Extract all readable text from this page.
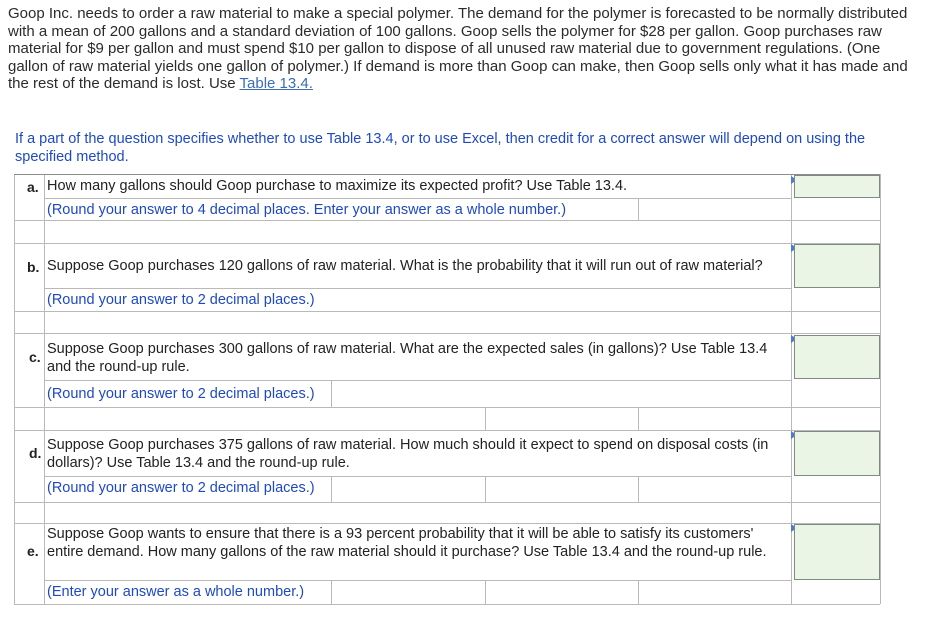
Goop Inc. needs to order a raw material to make a special polymer. The demand for the polymer is forecasted to be normally distributed with a mean of 200 gallons and a standard deviation of 100 gallons. Goop sells the polymer for $28 per gallon. Goop purchases raw material for $9 per gallon and must spend $10 per gallon to dispose of all unused raw material due to government regulations. (One gallon of raw material yields one gallon of polymer.) If demand is more than Goop can make, then Goop sells only what it has made and the rest of the demand is lost. Use Table 13.4.
If a part of the question specifies whether to use Table 13.4, or to use Excel, then credit for a correct answer will depend on using the specified method.
a. How many gallons should Goop purchase to maximize its expected profit? Use Table 13.4.
(Round your answer to 4 decimal places. Enter your answer as a whole number.)
b. Suppose Goop purchases 120 gallons of raw material. What is the probability that it will run out of raw material?
(Round your answer to 2 decimal places.)
c. Suppose Goop purchases 300 gallons of raw material. What are the expected sales (in gallons)? Use Table 13.4 and the round-up rule.
(Round your answer to 2 decimal places.)
d. Suppose Goop purchases 375 gallons of raw material. How much should it expect to spend on disposal costs (in dollars)? Use Table 13.4 and the round-up rule.
(Round your answer to 2 decimal places.)
e.
Suppose Goop wants to ensure that there is a 93 percent probability that it will be able to satisfy its customers' entire demand. How many gallons of the raw material should it purchase? Use Table 13.4 and the round-up rule.
(Enter your answer as a whole number.)
